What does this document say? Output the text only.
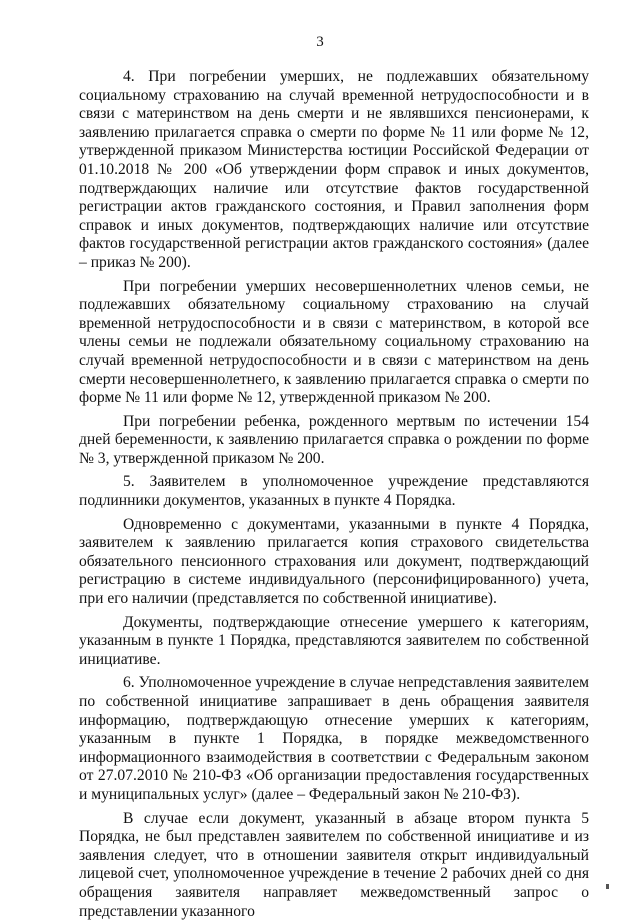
3

4. При погребении умерших, не подлежавших обязательному социальному страхованию на случай временной нетрудоспособности и в связи с материнством на день смерти и не являвшихся пенсионерами, к заявлению прилагается справка о смерти по форме № 11 или форме № 12, утвержденной приказом Министерства юстиции Российской Федерации от 01.10.2018 № 200 «Об утверждении форм справок и иных документов, подтверждающих наличие или отсутствие фактов государственной регистрации актов гражданского состояния, и Правил заполнения форм справок и иных документов, подтверждающих наличие или отсутствие фактов государственной регистрации актов гражданского состояния» (далее – приказ № 200).

При погребении умерших несовершеннолетних членов семьи, не подлежавших обязательному социальному страхованию на случай временной нетрудоспособности и в связи с материнством, в которой все члены семьи не подлежали обязательному социальному страхованию на случай временной нетрудоспособности и в связи с материнством на день смерти несовершеннолетнего, к заявлению прилагается справка о смерти по форме № 11 или форме № 12, утвержденной приказом № 200.

При погребении ребенка, рожденного мертвым по истечении 154 дней беременности, к заявлению прилагается справка о рождении по форме № 3, утвержденной приказом № 200.

5. Заявителем в уполномоченное учреждение представляются подлинники документов, указанных в пункте 4 Порядка.

Одновременно с документами, указанными в пункте 4 Порядка, заявителем к заявлению прилагается копия страхового свидетельства обязательного пенсионного страхования или документ, подтверждающий регистрацию в системе индивидуального (персонифицированного) учета, при его наличии (представляется по собственной инициативе).

Документы, подтверждающие отнесение умершего к категориям, указанным в пункте 1 Порядка, представляются заявителем по собственной инициативе.

6. Уполномоченное учреждение в случае непредставления заявителем по собственной инициативе запрашивает в день обращения заявителя информацию, подтверждающую отнесение умерших к категориям, указанным в пункте 1 Порядка, в порядке межведомственного информационного взаимодействия в соответствии с Федеральным законом от 27.07.2010 № 210-ФЗ «Об организации предоставления государственных и муниципальных услуг» (далее – Федеральный закон № 210-ФЗ).

В случае если документ, указанный в абзаце втором пункта 5 Порядка, не был представлен заявителем по собственной инициативе и из заявления следует, что в отношении заявителя открыт индивидуальный лицевой счет, уполномоченное учреждение в течение 2 рабочих дней со дня обращения заявителя направляет межведомственный запрос о представлении указанного
